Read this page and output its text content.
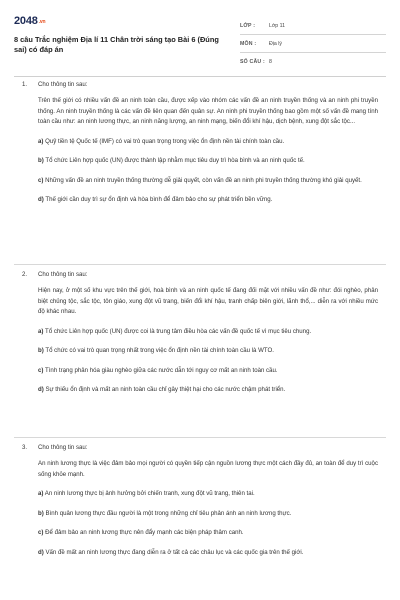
2048.vn
8 câu Trắc nghiệm Địa lí 11 Chân trời sáng tạo Bài 6 (Đúng sai) có đáp án
LỚP :	Lớp 11
MÔN : Địa lý
SỐ CÂU : 8
1. Cho thông tin sau:
Trên thế giới có nhiều vấn đề an ninh toàn cầu, được xếp vào nhóm các vấn đề an ninh truyền thống và an ninh phi truyền thống. An ninh truyền thống là các vấn đề liên quan đến quân sự. An ninh phi truyền thống bao gồm một số vấn đề mang tính toàn cầu như: an ninh lương thực, an ninh năng lượng, an ninh mạng, biến đổi khí hậu, dịch bệnh, xung đột sắc tộc...
a) Quỹ tiền tệ Quốc tế (IMF) có vai trò quan trọng trong việc ổn định nền tài chính toàn cầu.
b) Tổ chức Liên hợp quốc (UN) được thành lập nhằm mục tiêu duy trì hòa bình và an ninh quốc tế.
c) Những vấn đề an ninh truyền thống thường dễ giải quyết, còn vấn đề an ninh phi truyền thống thường khó giải quyết.
d) Thế giới cần duy trì sự ổn định và hòa bình để đảm bảo cho sự phát triển bền vững.
2. Cho thông tin sau:
Hiện nay, ở một số khu vực trên thế giới, hoà bình và an ninh quốc tế đang đối mặt với nhiều vấn đề như: đói nghèo, phân biệt chủng tộc, sắc tộc, tôn giáo, xung đột vũ trang, biến đổi khí hậu, tranh chấp biên giới, lãnh thổ,... diễn ra với nhiều mức độ khác nhau.
a) Tổ chức Liên hợp quốc (UN) được coi là trung tâm điều hòa các vấn đề quốc tế vì mục tiêu chung.
b) Tổ chức có vai trò quan trọng nhất trong việc ổn định nền tài chính toàn cầu là WTO.
c) Tình trạng phân hóa giàu nghèo giữa các nước dẫn tới nguy cơ mất an ninh toàn cầu.
d) Sự thiếu ổn định và mất an ninh toàn cầu chỉ gây thiệt hại cho các nước chậm phát triển.
3. Cho thông tin sau:
An ninh lương thực là việc đảm bảo mọi người có quyền tiếp cận nguồn lương thực một cách đầy đủ, an toàn để duy trì cuộc sống khỏe mạnh.
a) An ninh lương thực bị ảnh hưởng bởi chiến tranh, xung đột vũ trang, thiên tai.
b) Bình quân lương thực đầu người là một trong những chỉ tiêu phản ánh an ninh lương thực.
c) Để đảm bảo an ninh lương thực nên đẩy mạnh các biện pháp thâm canh.
d) Vấn đề mất an ninh lương thực đang diễn ra ở tất cả các châu lục và các quốc gia trên thế giới.
